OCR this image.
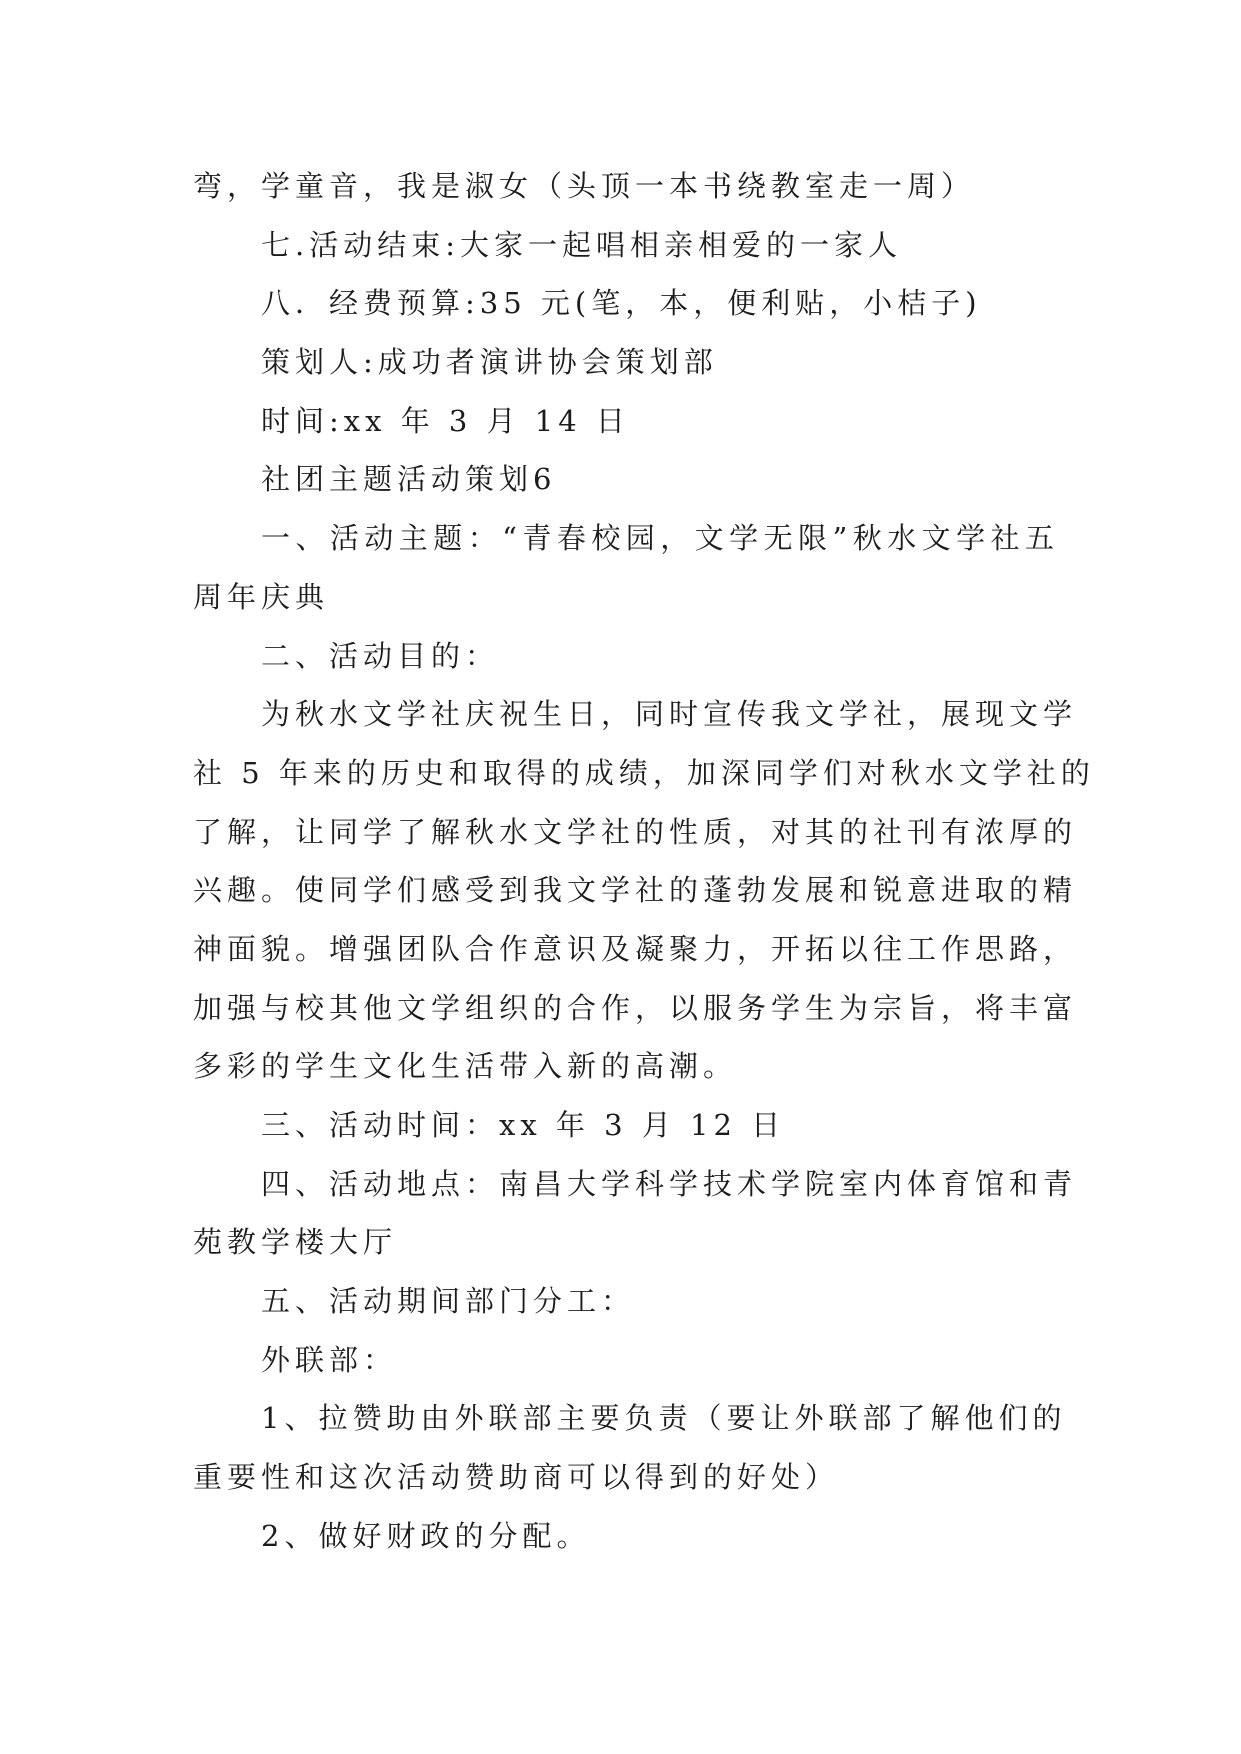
弯，学童音，我是淑女（头顶一本书绕教室走一周）
七.活动结束:大家一起唱相亲相爱的一家人
八．经费预算:35 元(笔，本，便利贴，小桔子)
策划人:成功者演讲协会策划部
时间:xx 年 3 月 14 日
社团主题活动策划6
一、活动主题：“青春校园，文学无限”秋水文学社五
周年庆典
二、活动目的：
为秋水文学社庆祝生日，同时宣传我文学社，展现文学
社 5 年来的历史和取得的成绩，加深同学们对秋水文学社的
了解，让同学了解秋水文学社的性质，对其的社刊有浓厚的
兴趣。使同学们感受到我文学社的蓬勃发展和锐意进取的精
神面貌。增强团队合作意识及凝聚力，开拓以往工作思路，
加强与校其他文学组织的合作，以服务学生为宗旨，将丰富
多彩的学生文化生活带入新的高潮。
三、活动时间：xx 年 3 月 12 日
四、活动地点：南昌大学科学技术学院室内体育馆和青
苑教学楼大厅
五、活动期间部门分工：
外联部：
1、拉赞助由外联部主要负责（要让外联部了解他们的
重要性和这次活动赞助商可以得到的好处）
2、做好财政的分配。
